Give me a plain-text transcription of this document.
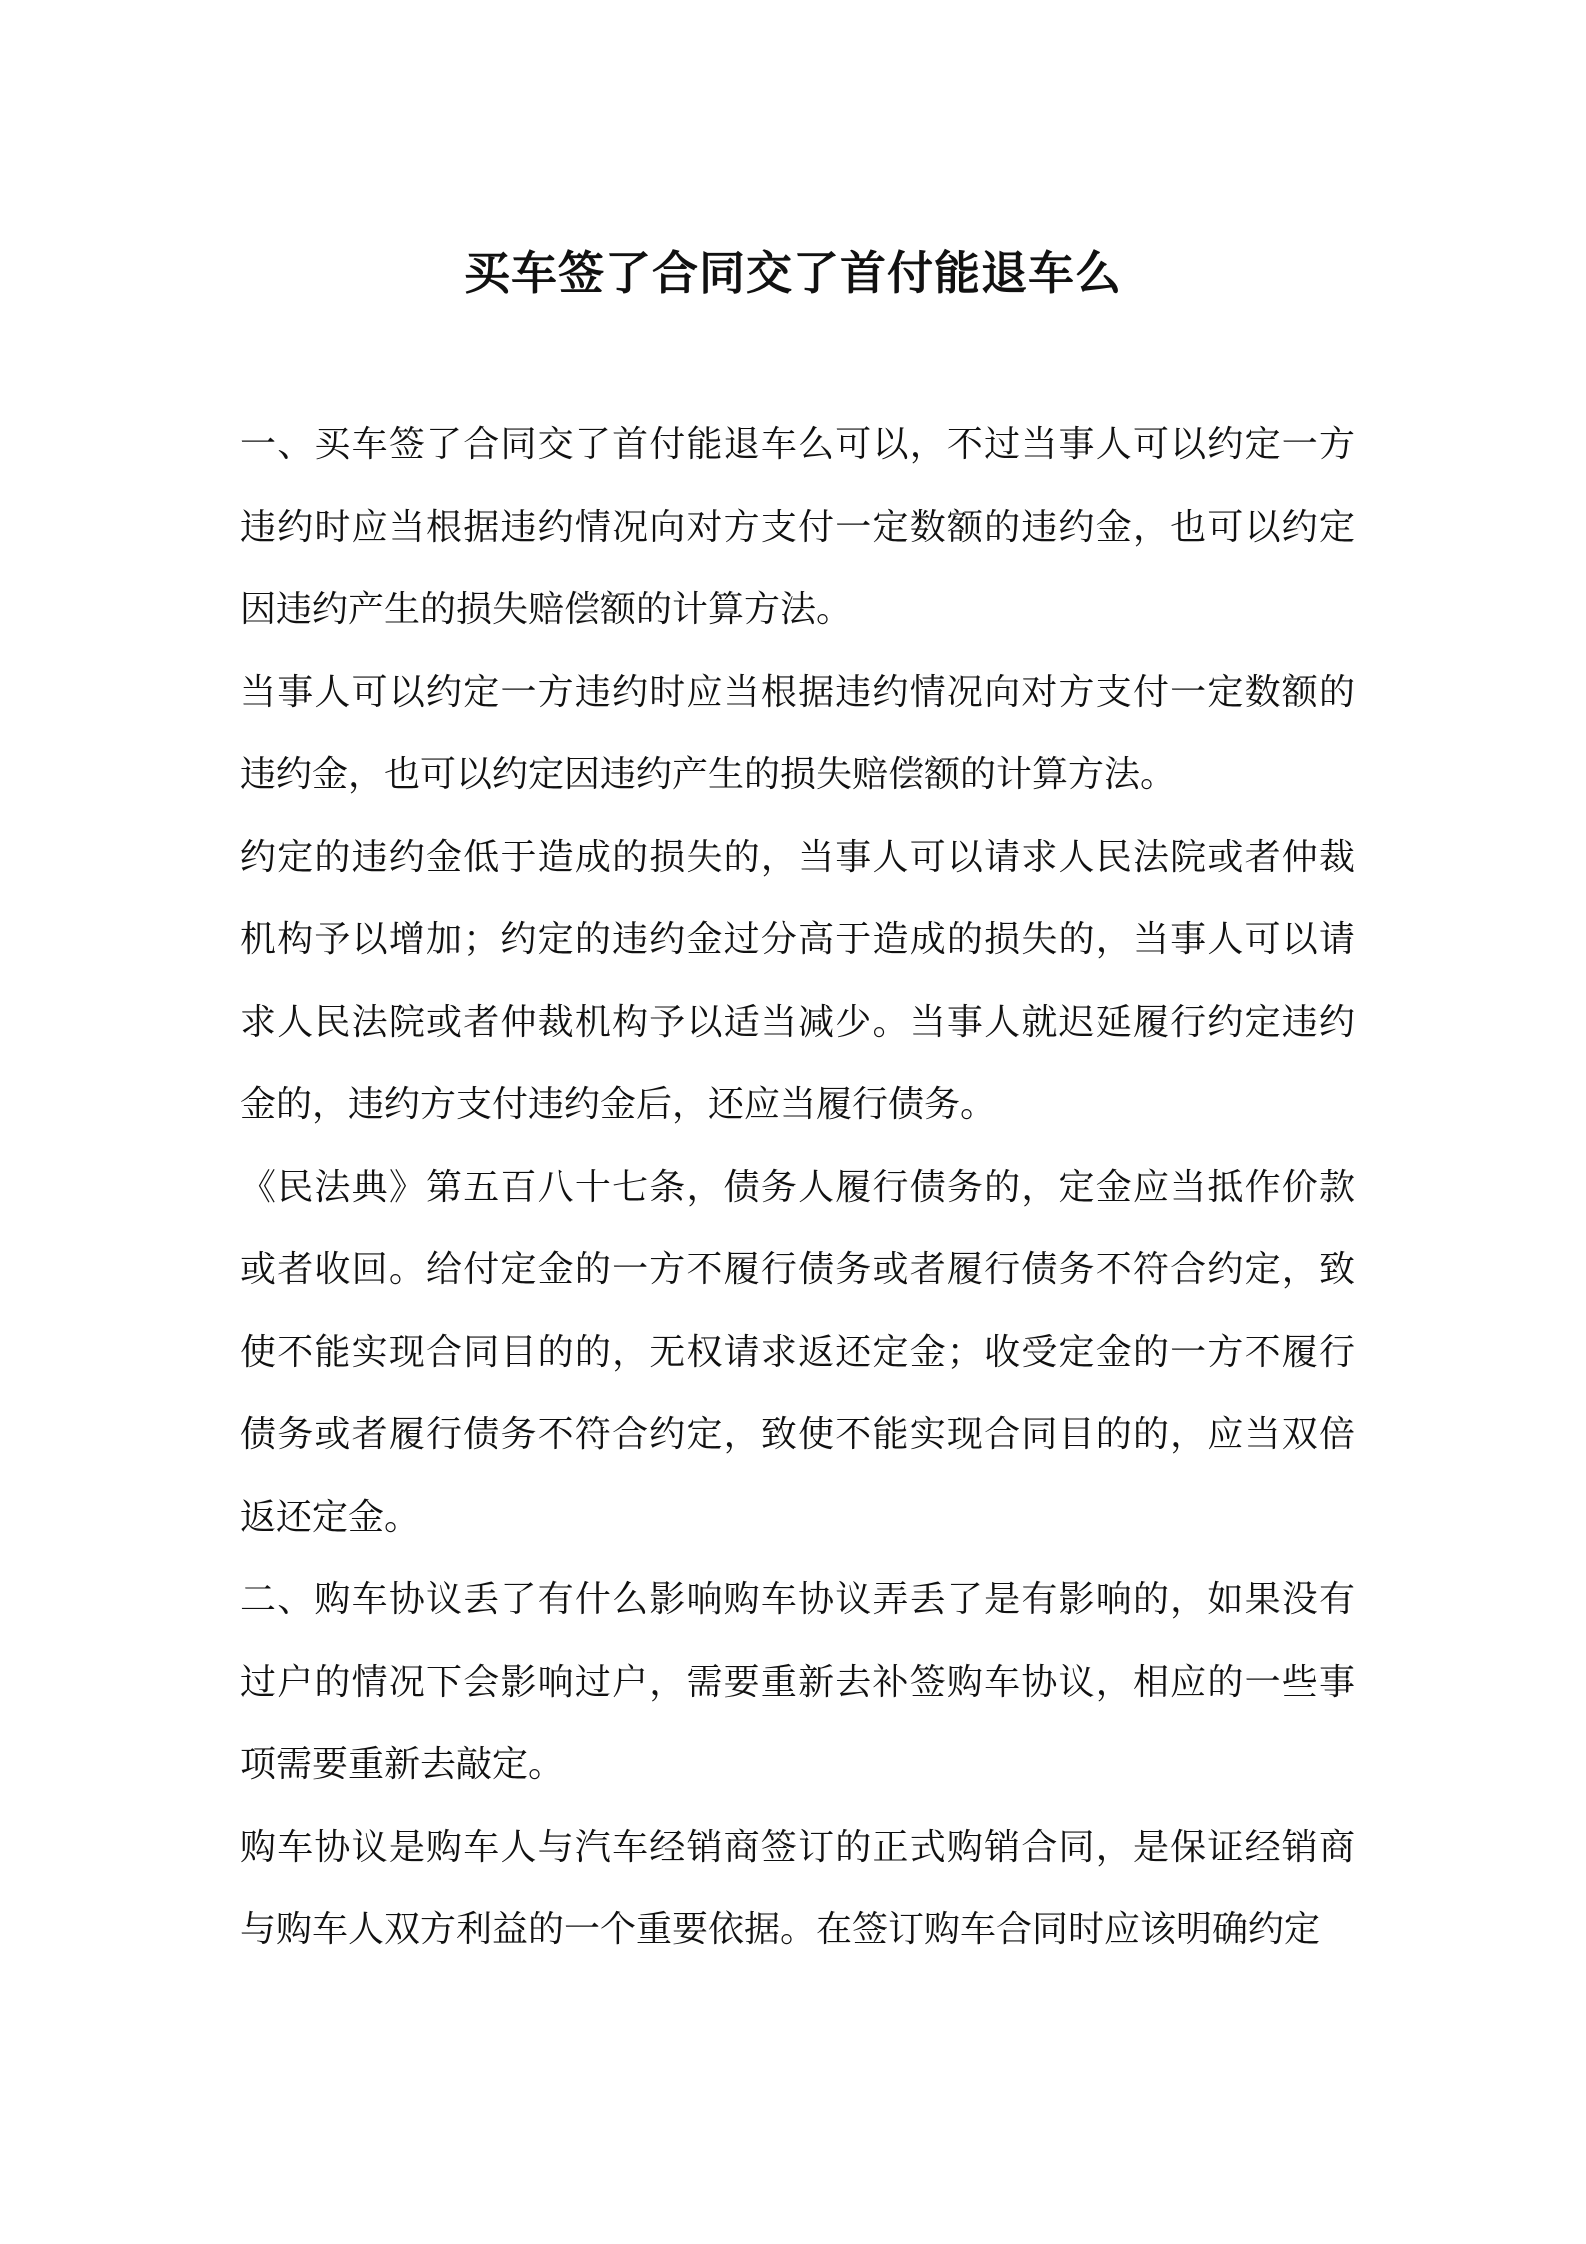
买车签了合同交了首付能退车么

一、买车签了合同交了首付能退车么可以，不过当事人可以约定一方违约时应当根据违约情况向对方支付一定数额的违约金，也可以约定因违约产生的损失赔偿额的计算方法。

当事人可以约定一方违约时应当根据违约情况向对方支付一定数额的违约金，也可以约定因违约产生的损失赔偿额的计算方法。

约定的违约金低于造成的损失的，当事人可以请求人民法院或者仲裁机构予以增加；约定的违约金过分高于造成的损失的，当事人可以请求人民法院或者仲裁机构予以适当减少。当事人就迟延履行约定违约金的，违约方支付违约金后，还应当履行债务。

《民法典》第五百八十七条，债务人履行债务的，定金应当抵作价款或者收回。给付定金的一方不履行债务或者履行债务不符合约定，致使不能实现合同目的的，无权请求返还定金；收受定金的一方不履行债务或者履行债务不符合约定，致使不能实现合同目的的，应当双倍返还定金。

二、购车协议丢了有什么影响购车协议弄丢了是有影响的，如果没有过户的情况下会影响过户，需要重新去补签购车协议，相应的一些事项需要重新去敲定。

购车协议是购车人与汽车经销商签订的正式购销合同，是保证经销商与购车人双方利益的一个重要依据。在签订购车合同时应该明确约定
